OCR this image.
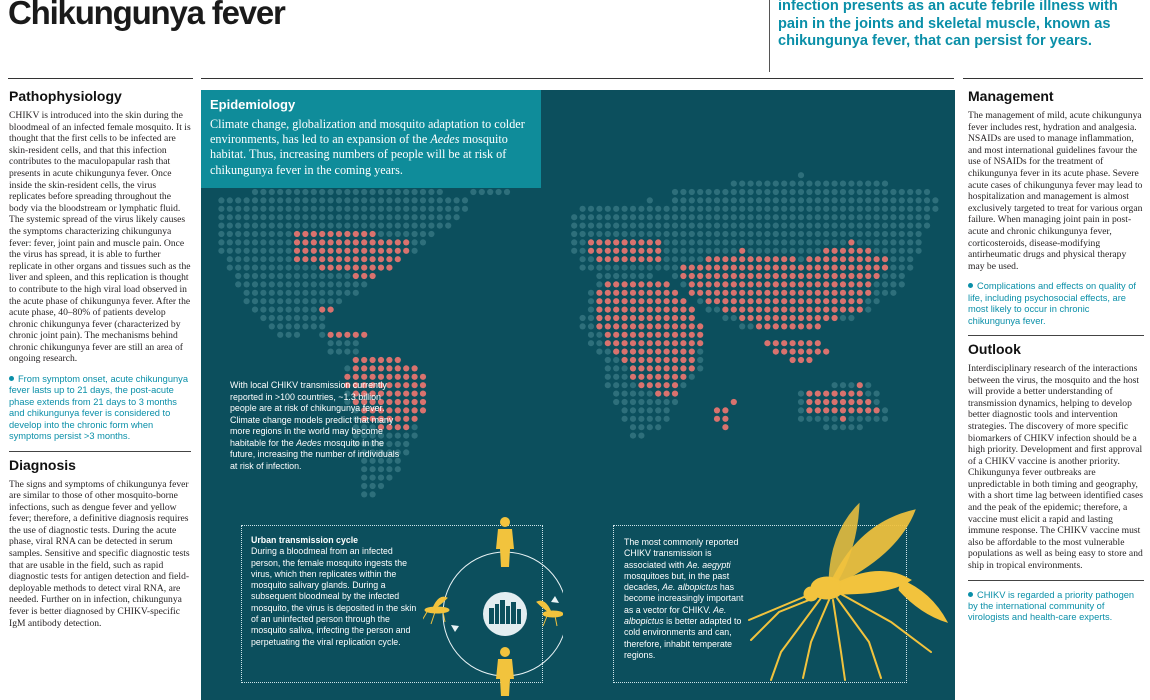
Chikungunya fever	infection presents as an acute febrile illness with pain in the joints and skeletal muscle, known as chikungunya fever, that can persist for years.
Pathophysiology
CHIKV is introduced into the skin during the bloodmeal of an infected female mosquito. It is thought that the first cells to be infected are skin-resident cells, and that this infection contributes to the maculopapular rash that presents in acute chikungunya fever. Once inside the skin-resident cells, the virus replicates before spreading throughout the body via the bloodstream or lymphatic fluid. The systemic spread of the virus likely causes the symptoms characterizing chikungunya fever: fever, joint pain and muscle pain. Once the virus has spread, it is able to further replicate in other organs and tissues such as the liver and spleen, and this replication is thought to contribute to the high viral load observed in the acute phase of chikungunya fever. After the acute phase, 40–80% of patients develop chronic chikungunya fever (characterized by chronic joint pain). The mechanisms behind chronic chikungunya fever are still an area of ongoing research.
From symptom onset, acute chikungunya fever lasts up to 21 days, the post-acute phase extends from 21 days to 3 months and chikungunya fever is considered to develop into the chronic form when symptoms persist >3 months.
Diagnosis
The signs and symptoms of chikungunya fever are similar to those of other mosquito-borne infections, such as dengue fever and yellow fever; therefore, a definitive diagnosis requires the use of diagnostic tests. During the acute phase, viral RNA can be detected in serum samples. Sensitive and specific diagnostic tests that are usable in the field, such as rapid diagnostic tests for antigen detection and field-deployable methods to detect viral RNA, are needed. Further on in infection, chikungunya fever is better diagnosed by CHIKV-specific IgM antibody detection.
Epidemiology
Climate change, globalization and mosquito adaptation to colder environments, has led to an expansion of the Aedes mosquito habitat. Thus, increasing numbers of people will be at risk of chikungunya fever in the coming years.
With local CHIKV transmission currently reported in >100 countries, ~1.3 billion people are at risk of chikungunya fever. Climate change models predict that many more regions in the world may become habitable for the Aedes mosquito in the future, increasing the number of individuals at risk of infection.
Urban transmission cycle
During a bloodmeal from an infected person, the female mosquito ingests the virus, which then replicates within the mosquito salivary glands. During a subsequent bloodmeal by the infected mosquito, the virus is deposited in the skin of an uninfected person through the mosquito saliva, infecting the person and perpetuating the viral replication cycle.
The most commonly reported CHIKV transmission is associated with Ae. aegypti mosquitoes but, in the past decades, Ae. albopictus has become increasingly important as a vector for CHIKV. Ae. albopictus is better adapted to cold environments and can, therefore, inhabit temperate regions.
Management
The management of mild, acute chikungunya fever includes rest, hydration and analgesia. NSAIDs are used to manage inflammation, and most international guidelines favour the use of NSAIDs for the treatment of chikungunya fever in its acute phase. Severe acute cases of chikungunya fever may lead to hospitalization and management is almost exclusively targeted to treat for various organ failure. When managing joint pain in post-acute and chronic chikungunya fever, corticosteroids, disease-modifying antirheumatic drugs and physical therapy may be used.
Complications and effects on quality of life, including psychosocial effects, are most likely to occur in chronic chikungunya fever.
Outlook
Interdisciplinary research of the interactions between the virus, the mosquito and the host will provide a better understanding of transmission dynamics, helping to develop better diagnostic tools and intervention strategies. The discovery of more specific biomarkers of CHIKV infection should be a high priority. Development and first approval of a CHIKV vaccine is another priority. Chikungunya fever outbreaks are unpredictable in both timing and geography, with a short time lag between identified cases and the peak of the epidemic; therefore, a vaccine must elicit a rapid and lasting immune response. The CHIKV vaccine must also be affordable to the most vulnerable populations as well as being easy to store and ship in tropical environments.
CHIKV is regarded a priority pathogen by the international community of virologists and health-care experts.
